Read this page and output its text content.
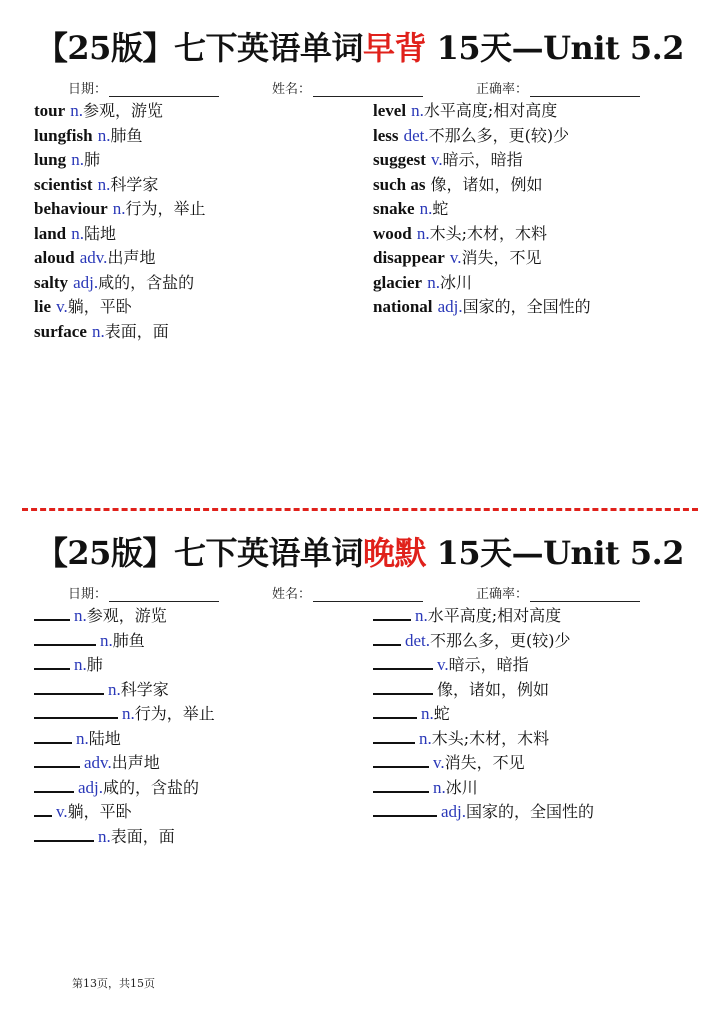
【25版】七下英语单词早背 15天—Unit 5.2
日期：	姓名：	正确率：
tour n.参观，游览
lungfish n.肺鱼
lung n.肺
scientist n.科学家
behaviour n.行为，举止
land n.陆地
aloud adv.出声地
salty adj.咸的，含盐的
lie v.躺，平卧
surface n.表面，面
level n.水平高度;相对高度
less det.不那么多，更(较)少
suggest v.暗示，暗指
such as 像，诸如，例如
snake n.蛇
wood n.木头;木材，木料
disappear v.消失，不见
glacier n.冰川
national adj.国家的，全国性的
【25版】七下英语单词晚默 15天—Unit 5.2
日期：	姓名：	正确率：
n.参观，游览
n.肺鱼
n.肺
n.科学家
n.行为，举止
n.陆地
adv.出声地
adj.咸的，含盐的
v.躺，平卧
n.表面，面
n.水平高度;相对高度
det.不那么多，更(较)少
v.暗示，暗指
像，诸如，例如
n.蛇
n.木头;木材，木料
v.消失，不见
n.冰川
adj.国家的，全国性的
第13页，共15页
